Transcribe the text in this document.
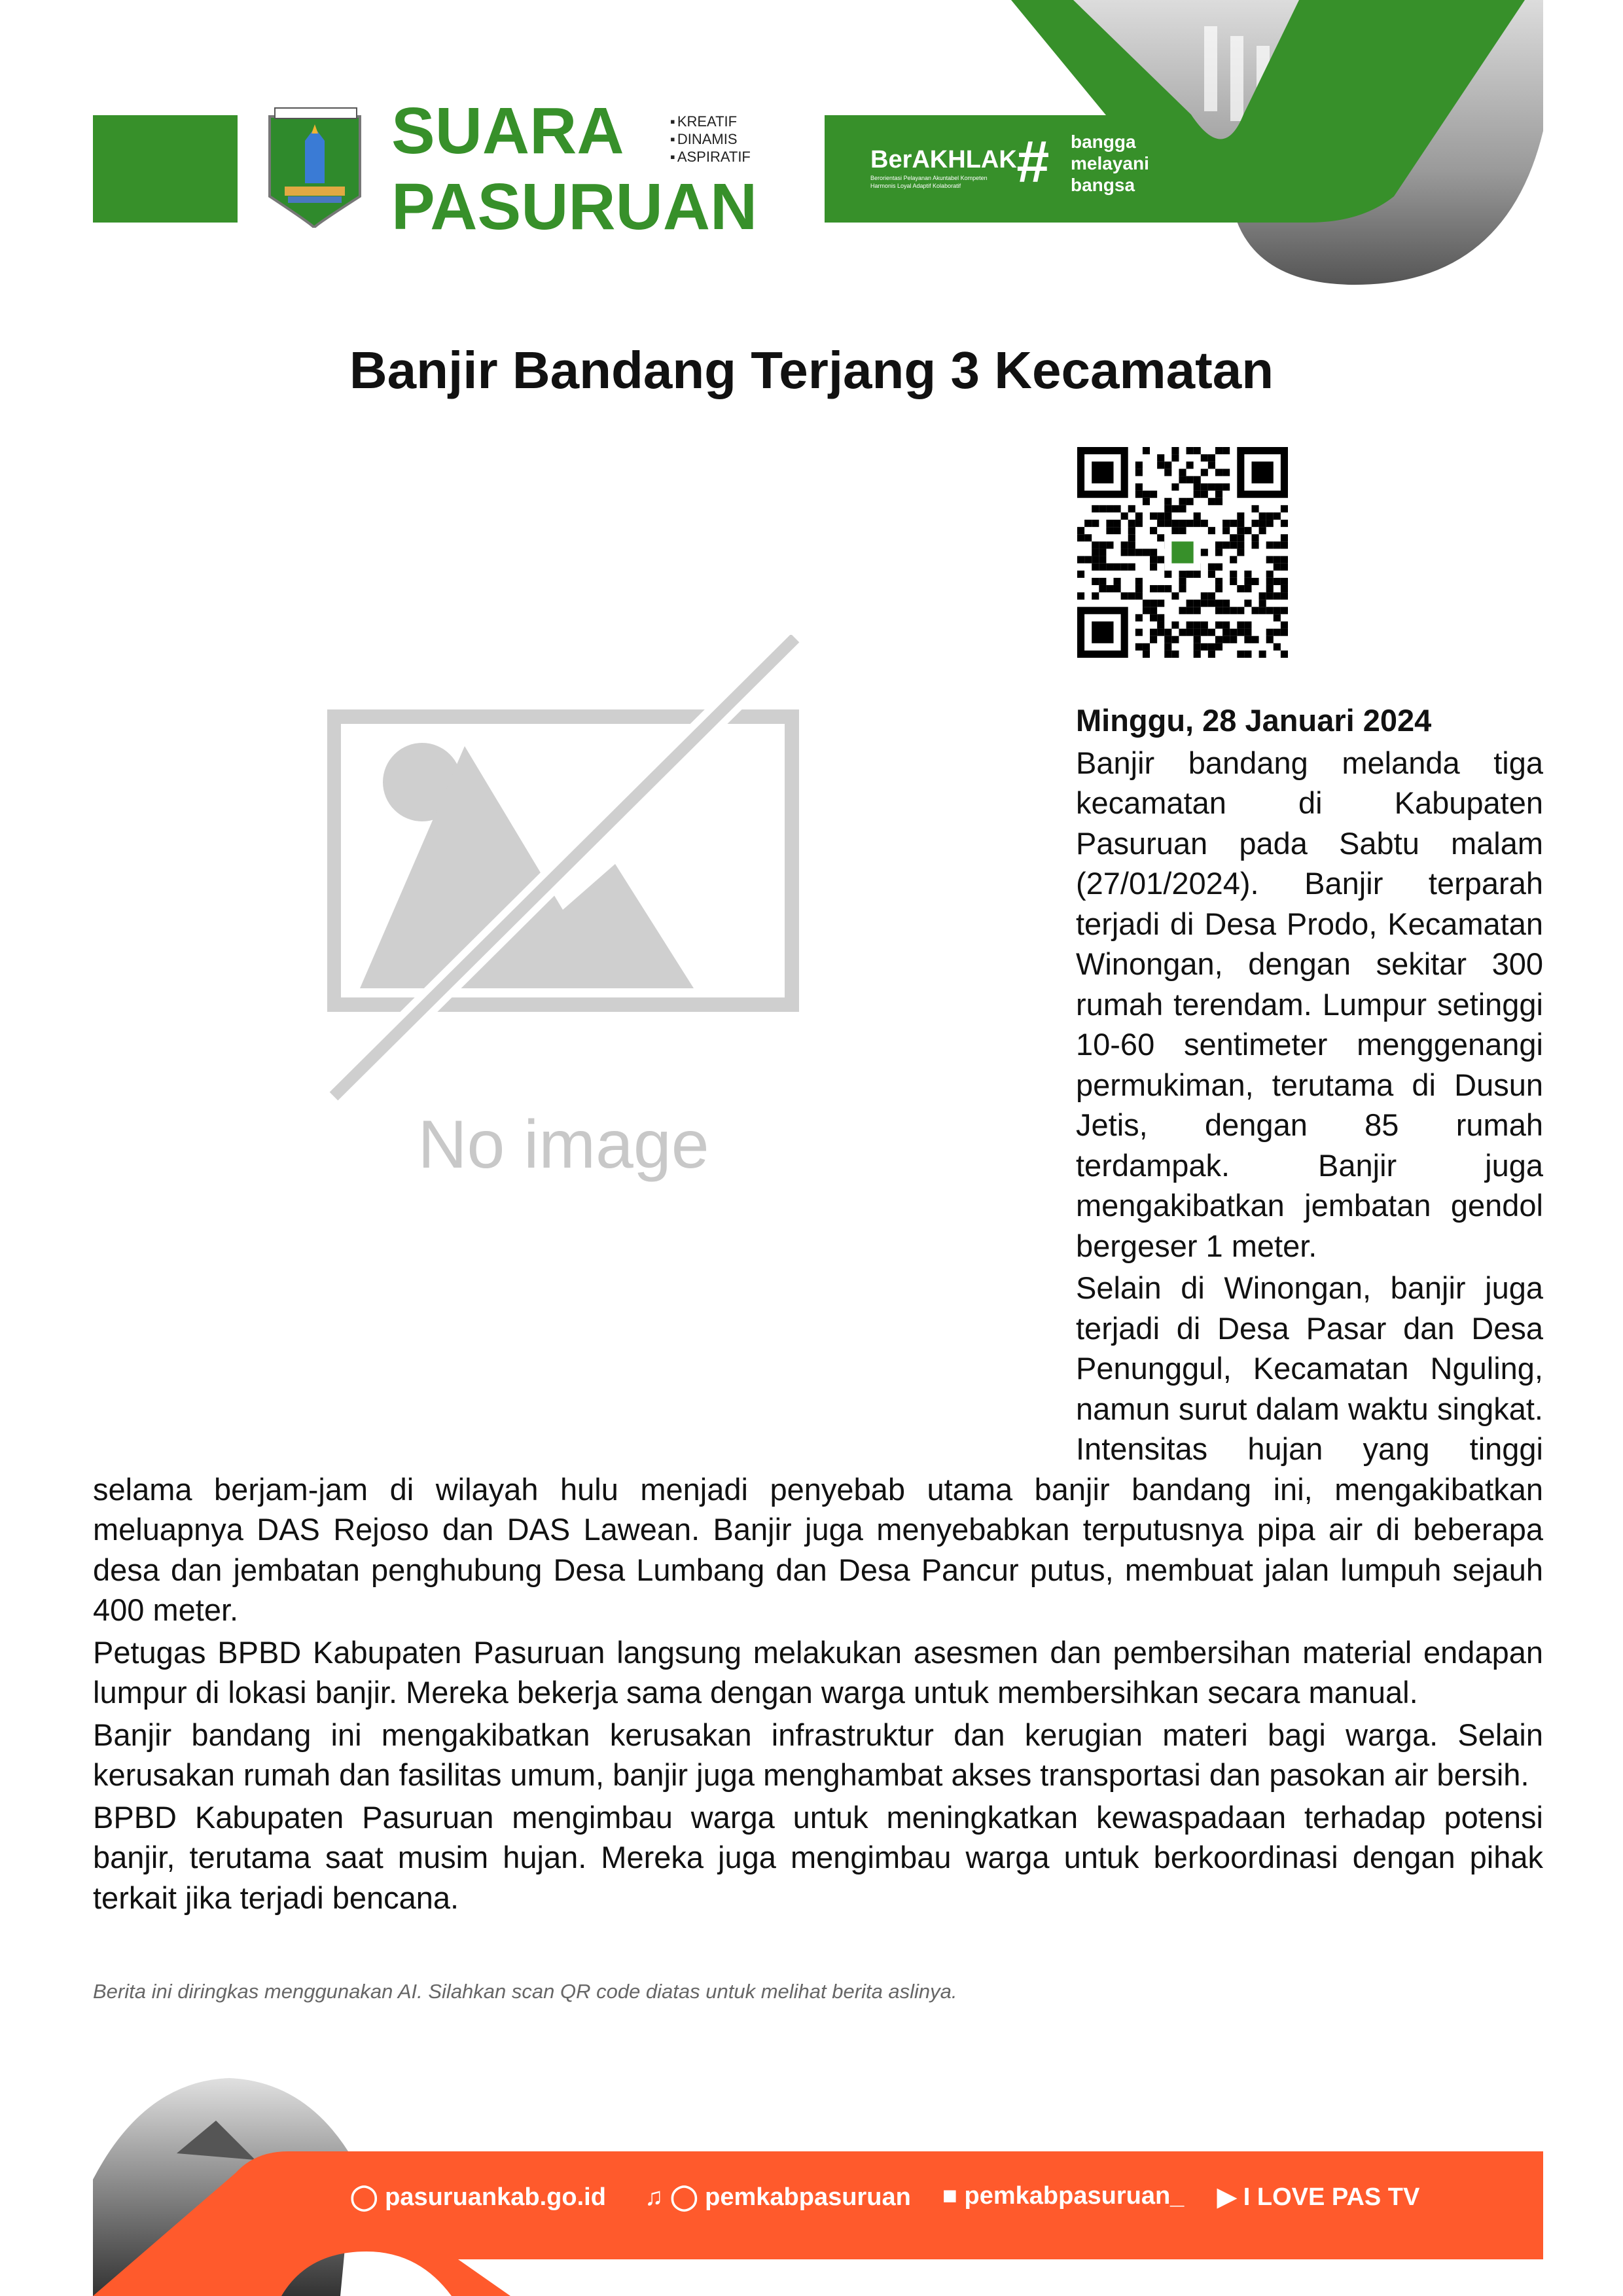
SUARA
PASURUAN
▪ KREATIF
▪ DINAMIS
▪ ASPIRATIF	BerAKHLAK
Berorientasi Pelayanan Akuntabel Kompeten Harmonis Loyal Adaptif Kolaboratif # bangga
melayani
bangsa
Banjir Bandang Terjang 3 Kecamatan
No image

Minggu, 28 Januari 2024

Banjir bandang melanda tiga kecamatan di Kabupaten Pasuruan pada Sabtu malam (27/01/2024). Banjir terparah terjadi di Desa Prodo, Kecamatan Winongan, dengan sekitar 300 rumah terendam. Lumpur setinggi 10-60 sentimeter menggenangi permukiman, terutama di Dusun Jetis, dengan 85 rumah terdampak. Banjir juga mengakibatkan jembatan gendol bergeser 1 meter.

Selain di Winongan, banjir juga terjadi di Desa Pasar dan Desa Penunggul, Kecamatan Nguling, namun surut dalam waktu singkat. Intensitas hujan yang tinggi selama berjam-jam di wilayah hulu menjadi penyebab utama banjir bandang ini, mengakibatkan meluapnya DAS Rejoso dan DAS Lawean. Banjir juga menyebabkan terputusnya pipa air di beberapa desa dan jembatan penghubung Desa Lumbang dan Desa Pancur putus, membuat jalan lumpuh sejauh 400 meter.

Petugas BPBD Kabupaten Pasuruan langsung melakukan asesmen dan pembersihan material endapan lumpur di lokasi banjir. Mereka bekerja sama dengan warga untuk membersihkan secara manual.

Banjir bandang ini mengakibatkan kerusakan infrastruktur dan kerugian materi bagi warga. Selain kerusakan rumah dan fasilitas umum, banjir juga menghambat akses transportasi dan pasokan air bersih.

BPBD Kabupaten Pasuruan mengimbau warga untuk meningkatkan kewaspadaan terhadap potensi banjir, terutama saat musim hujan. Mereka juga mengimbau warga untuk berkoordinasi dengan pihak terkait jika terjadi bencana.

Berita ini diringkas menggunakan AI. Silahkan scan QR code diatas untuk melihat berita aslinya.
◯ pasuruankab.go.id ♫ ◯ pemkabpasuruan ■ pemkabpasuruan_ ▶ I LOVE PAS TV
